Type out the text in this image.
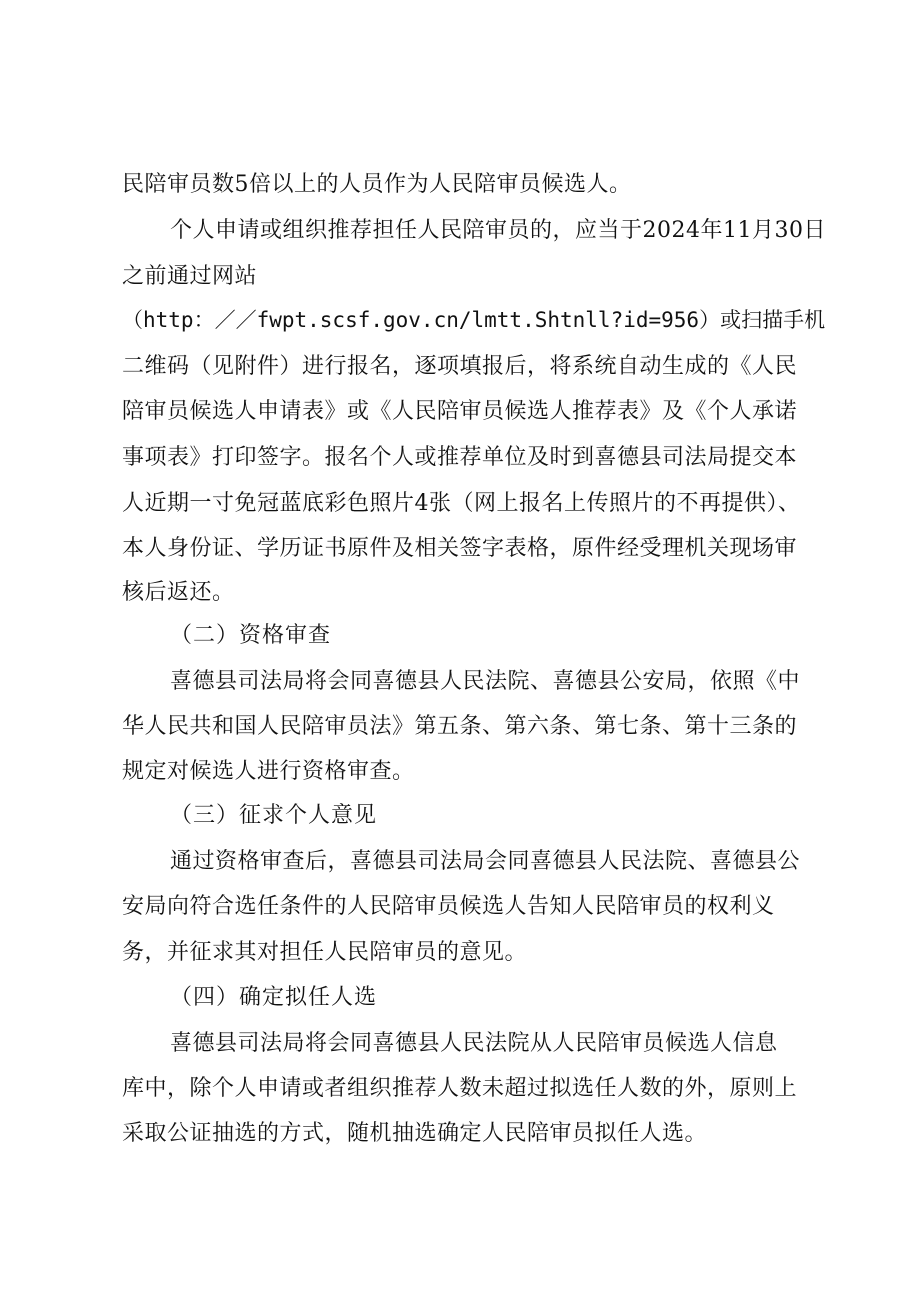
民陪审员数5倍以上的人员作为人民陪审员候选人。

个人申请或组织推荐担任人民陪审员的，应当于2024年11月30日

之前通过网站

（http：／／fwpt.scsf.gov.cn/lmtt.Shtnll?id=956）或扫描手机

二维码（见附件）进行报名，逐项填报后，将系统自动生成的《人民

陪审员候选人申请表》或《人民陪审员候选人推荐表》及《个人承诺

事项表》打印签字。报名个人或推荐单位及时到喜德县司法局提交本

人近期一寸免冠蓝底彩色照片4张（网上报名上传照片的不再提供）、

本人身份证、学历证书原件及相关签字表格，原件经受理机关现场审

核后返还。

（二）资格审查

喜德县司法局将会同喜德县人民法院、喜德县公安局，依照《中

华人民共和国人民陪审员法》第五条、第六条、第七条、第十三条的

规定对候选人进行资格审查。

（三）征求个人意见

通过资格审查后，喜德县司法局会同喜德县人民法院、喜德县公

安局向符合选任条件的人民陪审员候选人告知人民陪审员的权利义

务，并征求其对担任人民陪审员的意见。

（四）确定拟任人选

喜德县司法局将会同喜德县人民法院从人民陪审员候选人信息

库中，除个人申请或者组织推荐人数未超过拟选任人数的外，原则上

采取公证抽选的方式，随机抽选确定人民陪审员拟任人选。
